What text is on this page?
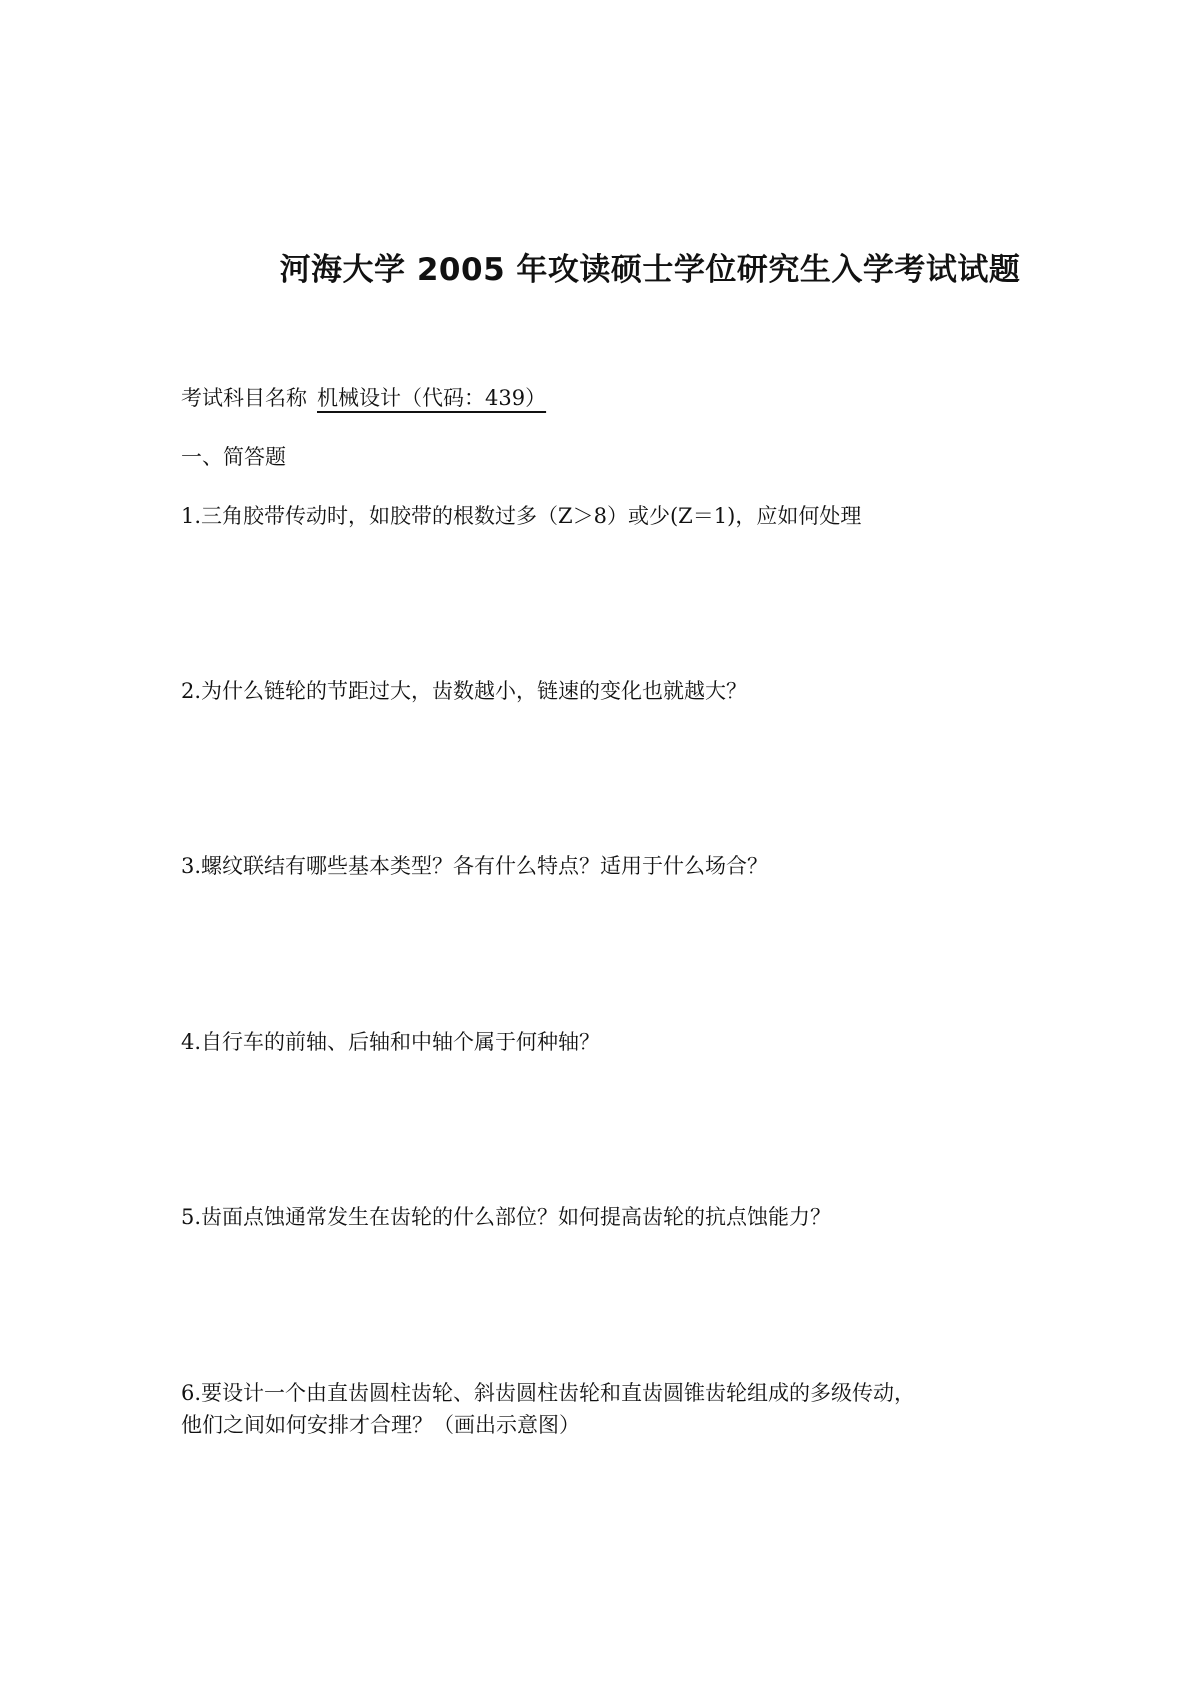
河海大学 2005 年攻读硕士学位研究生入学考试试题
考试科目名称 机械设计（代码：439）
一、简答题
1.三角胶带传动时，如胶带的根数过多（Z＞8）或少(Z＝1)，应如何处理
2.为什么链轮的节距过大，齿数越小，链速的变化也就越大？
3.螺纹联结有哪些基本类型？各有什么特点？适用于什么场合？
4.自行车的前轴、后轴和中轴个属于何种轴？
5.齿面点蚀通常发生在齿轮的什么部位？如何提高齿轮的抗点蚀能力？
6.要设计一个由直齿圆柱齿轮、斜齿圆柱齿轮和直齿圆锥齿轮组成的多级传动，
他们之间如何安排才合理？（画出示意图）
